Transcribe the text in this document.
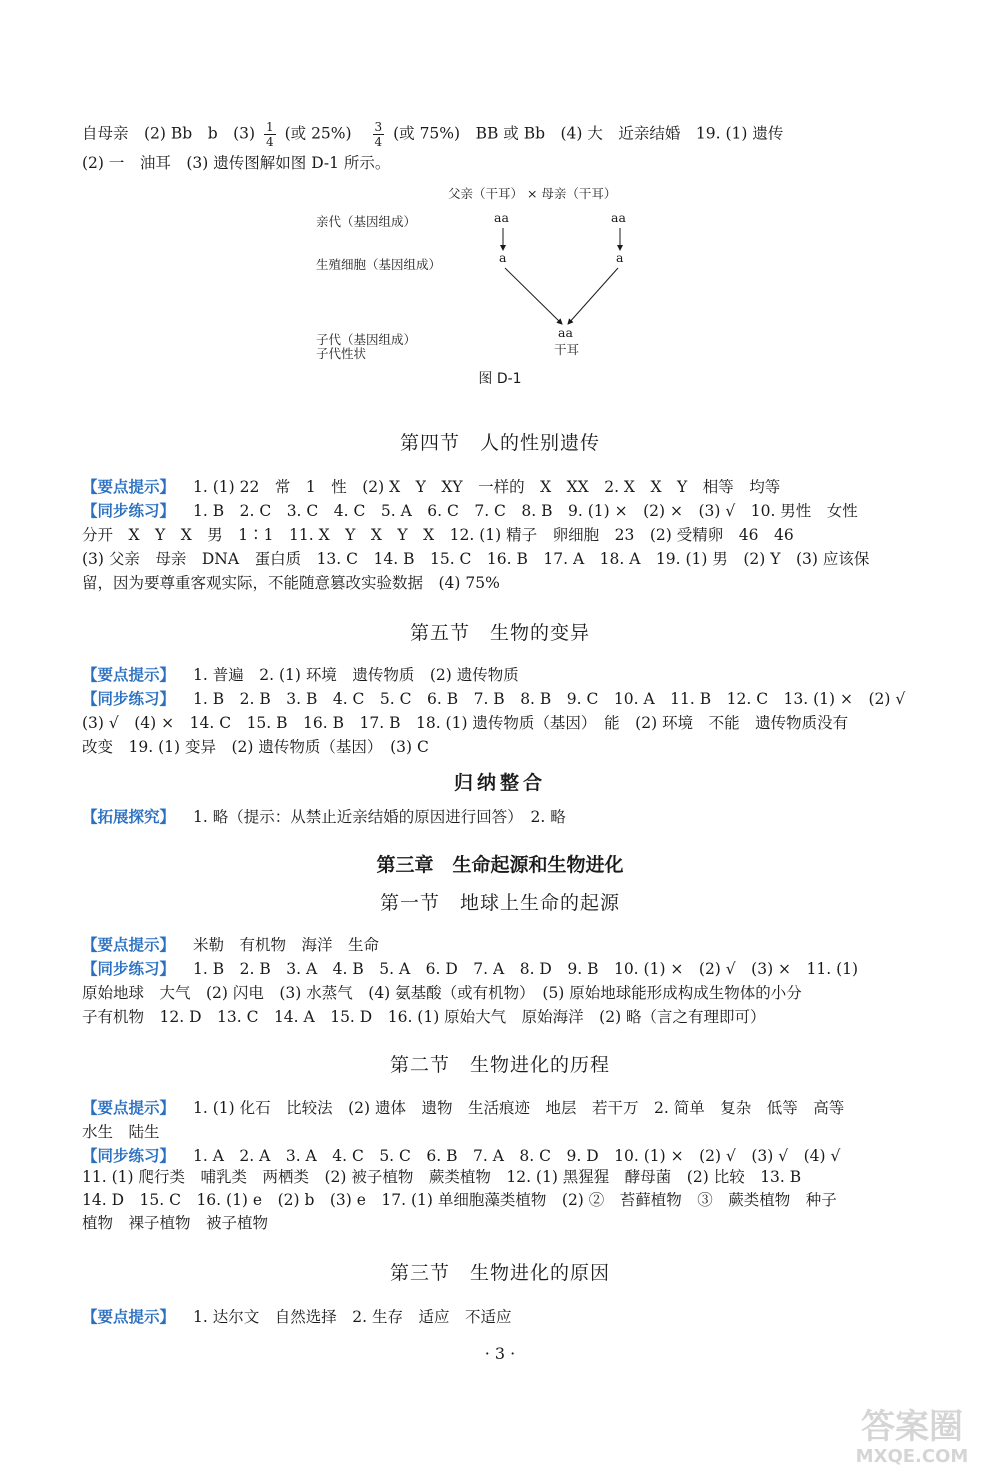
自母亲　(2) Bb　b　$(3) \frac{1}{4}$ (或 $25\%) \frac{3}{4}$ (或 75%)　BB 或 Bb　(4) 大　近亲结婚　19. (1) 遗传
(2) 一　油耳　(3) 遗传图解如图 D-1 所示。
父亲（干耳） × 母亲（干耳）
亲代（基因组成）
生殖细胞（基因组成）
子代（基因组成）
子代性状
aa	aa
a	a
aa
干耳
图 D-1
第四节　人的性别遗传
【要点提示】 1. (1) 22　常　1　性　(2) X　Y　XY　一样的　X　XX　2. X　X　Y　相等　均等
【同步练习】 1. B　2. C　3. C　4. C　5. A　6. C　7. C　8. B　9. (1) ×　(2) ×　(3) √　10. 男性　女性
分开　X　Y　X　男　1∶1　11. X　Y　X　Y　X　12. (1) 精子　卵细胞　23　(2) 受精卵　46　46
(3) 父亲　母亲　DNA　蛋白质　13. C　14. B　15. C　16. B　17. A　18. A　19. (1) 男　(2) Y　(3) 应该保
留，因为要尊重客观实际，不能随意篡改实验数据　(4) 75%
第五节　生物的变异
【要点提示】 1. 普遍　2. (1) 环境　遗传物质　(2) 遗传物质
【同步练习】 1. B　2. B　3. B　4. C　5. C　6. B　7. B　8. B　9. C　10. A　11. B　12. C　13. (1) ×　(2) √
(3) √　(4) ×　14. C　15. B　16. B　17. B　18. (1) 遗传物质（基因）　能　(2) 环境　不能　遗传物质没有
改变　19. (1) 变异　(2) 遗传物质（基因）　(3) C
归纳整合
【拓展探究】 1. 略（提示：从禁止近亲结婚的原因进行回答）　2. 略
第三章　生命起源和生物进化
第一节　地球上生命的起源
【要点提示】 米勒　有机物　海洋　生命
【同步练习】 1. B　2. B　3. A　4. B　5. A　6. D　7. A　8. D　9. B　10. (1) ×　(2) √　(3) ×　11. (1)
原始地球　大气　(2) 闪电　(3) 水蒸气　(4) 氨基酸（或有机物）　(5) 原始地球能形成构成生物体的小分
子有机物　12. D　13. C　14. A　15. D　16. (1) 原始大气　原始海洋　(2) 略（言之有理即可）
第二节　生物进化的历程
【要点提示】 1. (1) 化石　比较法　(2) 遗体　遗物　生活痕迹　地层　若干万　2. 简单　复杂　低等　高等
水生　陆生
【同步练习】 1. A　2. A　3. A　4. C　5. C　6. B　7. A　8. C　9. D　10. (1) ×　(2) √　(3) √　(4) √
11. (1) 爬行类　哺乳类　两栖类　(2) 被子植物　蕨类植物　12. (1) 黑猩猩　酵母菌　(2) 比较　13. B
14. D　15. C　16. (1) e　(2) b　(3) e　17. (1) 单细胞藻类植物　(2) ②　苔藓植物　③　蕨类植物　种子
植物　裸子植物　被子植物
第三节　生物进化的原因
【要点提示】 1. 达尔文　自然选择　2. 生存　适应　不适应
· 3 ·
答案圈
MXQE.COM
